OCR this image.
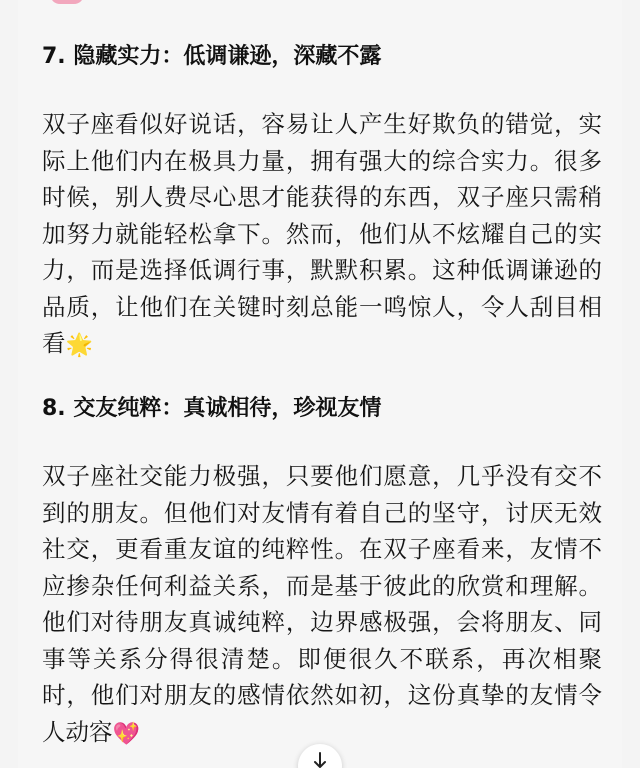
7. 隐藏实力：低调谦逊，深藏不露

双子座看似好说话，容易让人产生好欺负的错觉，实际上他们内在极具力量，拥有强大的综合实力。很多时候，别人费尽心思才能获得的东西，双子座只需稍加努力就能轻松拿下。然而，他们从不炫耀自己的实力，而是选择低调行事，默默积累。这种低调谦逊的品质，让他们在关键时刻总能一鸣惊人，令人刮目相看🌟

8. 交友纯粹：真诚相待，珍视友情

双子座社交能力极强，只要他们愿意，几乎没有交不到的朋友。但他们对友情有着自己的坚守，讨厌无效社交，更看重友谊的纯粹性。在双子座看来，友情不应掺杂任何利益关系，而是基于彼此的欣赏和理解。他们对待朋友真诚纯粹，边界感极强，会将朋友、同事等关系分得很清楚。即便很久不联系，再次相聚时，他们对朋友的感情依然如初，这份真挚的友情令人动容💖
